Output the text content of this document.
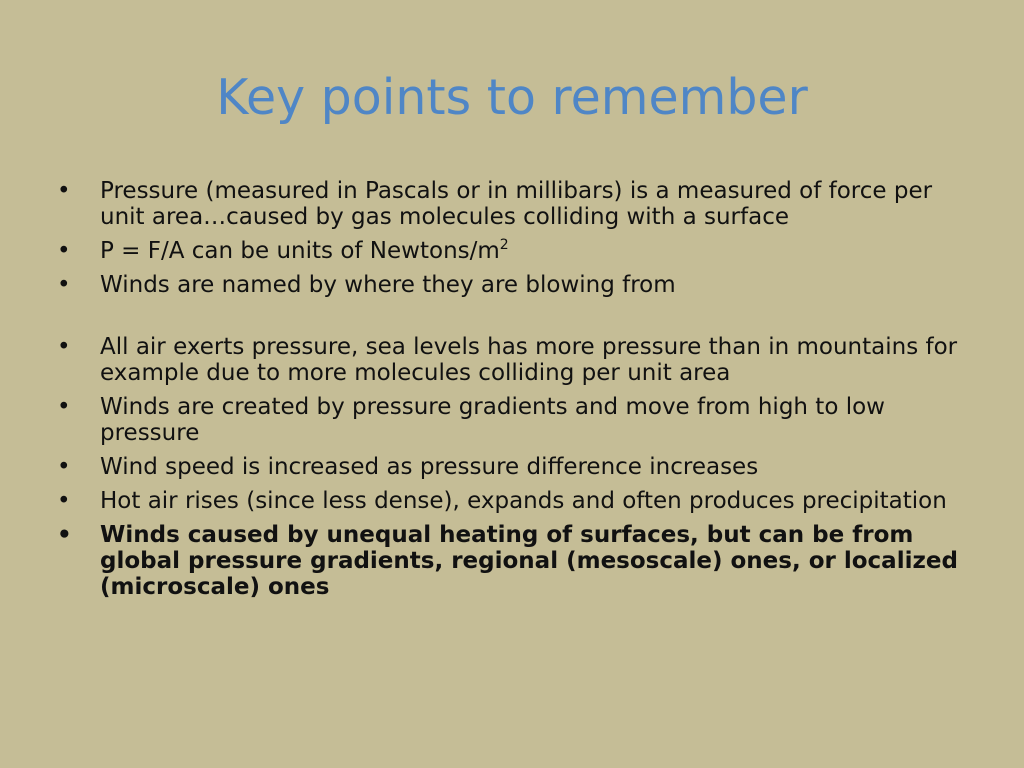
Key points to remember
• Pressure (measured in Pascals or in millibars) is a measured of force per unit area…caused by gas molecules colliding with a surface
• P = F/A can be units of Newtons/$m^2$
• Winds are named by where they are blowing from
• All air exerts pressure, sea levels has more pressure than in mountains for example due to more molecules colliding per unit area
• Winds are created by pressure gradients and move from high to low pressure
• Wind speed is increased as pressure difference increases
• Hot air rises (since less dense), expands and often produces precipitation
• Winds caused by unequal heating of surfaces, but can be from global pressure gradients, regional (mesoscale) ones, or localized (microscale) ones
